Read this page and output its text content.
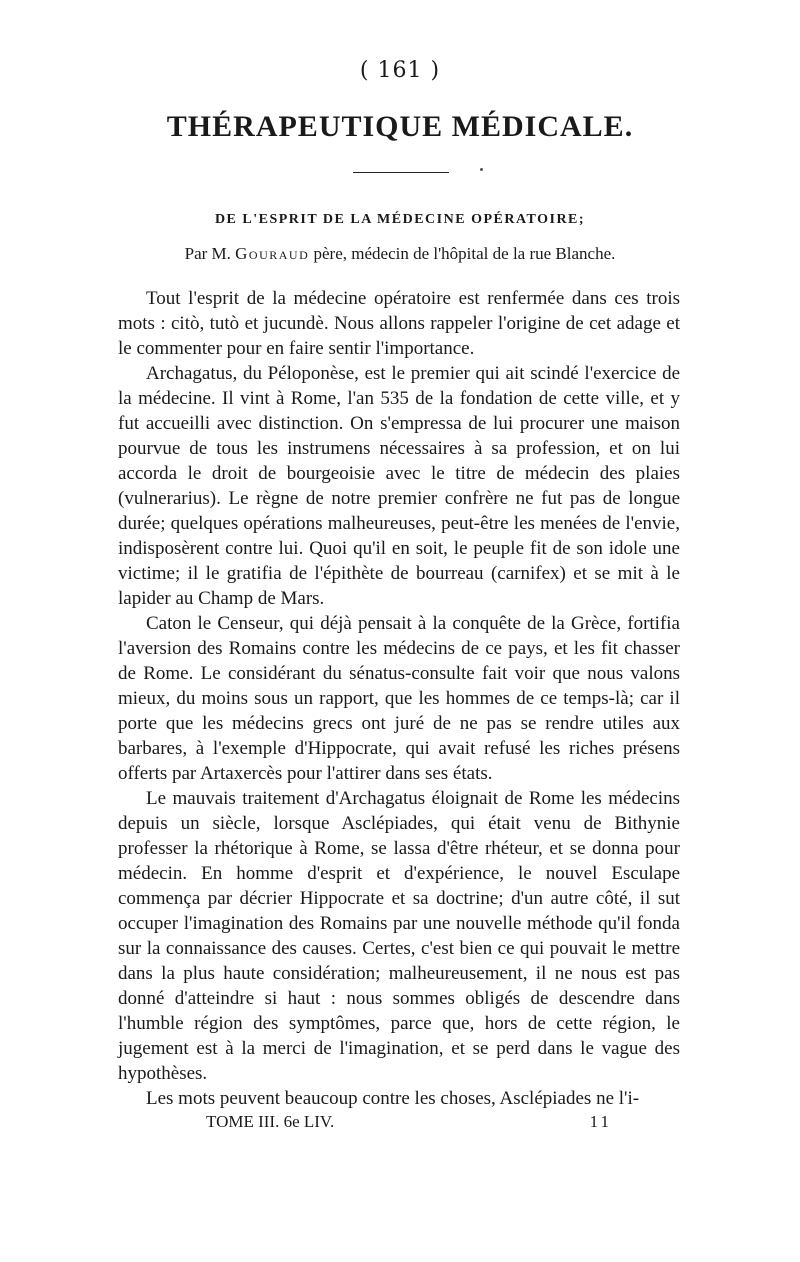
( 161 )
THÉRAPEUTIQUE MÉDICALE.
DE L'ESPRIT DE LA MÉDECINE OPÉRATOIRE;
Par M. Gouraud père, médecin de l'hôpital de la rue Blanche.

Tout l'esprit de la médecine opératoire est renfermée dans ces trois mots : citò, tutò et jucundè. Nous allons rappeler l'origine de cet adage et le commenter pour en faire sentir l'importance.

Archagatus, du Péloponèse, est le premier qui ait scindé l'exercice de la médecine. Il vint à Rome, l'an 535 de la fondation de cette ville, et y fut accueilli avec distinction. On s'empressa de lui procurer une maison pourvue de tous les instrumens nécessaires à sa profession, et on lui accorda le droit de bourgeoisie avec le titre de médecin des plaies (vulnerarius). Le règne de notre premier confrère ne fut pas de longue durée; quelques opérations malheureuses, peut-être les menées de l'envie, indisposèrent contre lui. Quoi qu'il en soit, le peuple fit de son idole une victime; il le gratifia de l'épithète de bourreau (carnifex) et se mit à le lapider au Champ de Mars.

Caton le Censeur, qui déjà pensait à la conquête de la Grèce, fortifia l'aversion des Romains contre les médecins de ce pays, et les fit chasser de Rome. Le considérant du sénatus-consulte fait voir que nous valons mieux, du moins sous un rapport, que les hommes de ce temps-là; car il porte que les médecins grecs ont juré de ne pas se rendre utiles aux barbares, à l'exemple d'Hippocrate, qui avait refusé les riches présens offerts par Artaxercès pour l'attirer dans ses états.

Le mauvais traitement d'Archagatus éloignait de Rome les médecins depuis un siècle, lorsque Asclépiades, qui était venu de Bithynie professer la rhétorique à Rome, se lassa d'être rhéteur, et se donna pour médecin. En homme d'esprit et d'expérience, le nouvel Esculape commença par décrier Hippocrate et sa doctrine; d'un autre côté, il sut occuper l'imagination des Romains par une nouvelle méthode qu'il fonda sur la connaissance des causes. Certes, c'est bien ce qui pouvait le mettre dans la plus haute considération; malheureusement, il ne nous est pas donné d'atteindre si haut : nous sommes obligés de descendre dans l'humble région des symptômes, parce que, hors de cette région, le jugement est à la merci de l'imagination, et se perd dans le vague des hypothèses.

Les mots peuvent beaucoup contre les choses, Asclépiades ne l'i-

TOME III. 6e LIV.	11
